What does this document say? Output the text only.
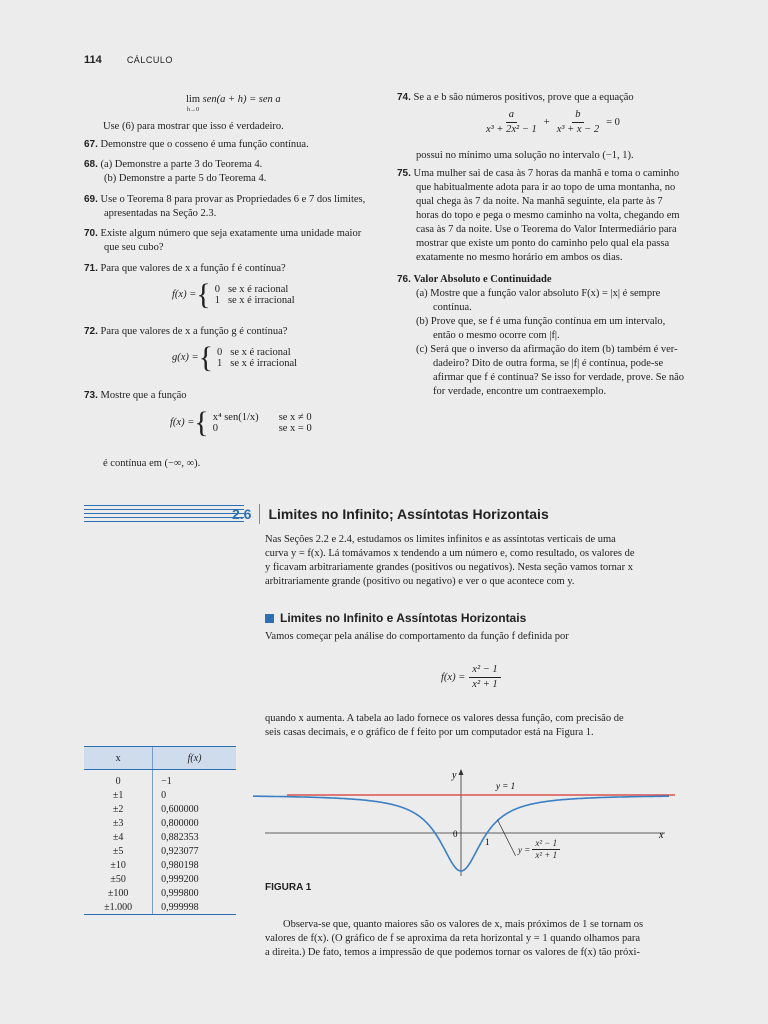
114	CÁLCULO
lim
h→0
sen(a + h) = sen a
Use (6) para mostrar que isso é verdadeiro.
67. Demonstre que o cosseno é uma função contínua.
68. (a) Demonstre a parte 3 do Teorema 4.
(b) Demonstre a parte 5 do Teorema 4.
69. Use o Teorema 8 para provar as Propriedades 6 e 7 dos limites,
apresentadas na Seção 2.3.
70. Existe algum número que seja exatamente uma unidade maior
que seu cubo?
71. Para que valores de x a função f é contínua?
f(x) = { 0	se x é racional
1	se x é irracional
72. Para que valores de x a função g é contínua?
g(x) = { 0	se x é racional
1	se x é irracional
73. Mostre que a função
f(x) = { x⁴ sen(1/x)	se x ≠ 0
0	se x = 0
é contínua em (−∞, ∞).
74. Se a e b são números positivos, prove que a equação
$\frac{a}{\text{x³ + 2x² − 1}} + \frac{b}{\text{x³ + x − 2}} = 0$
possui no mínimo uma solução no intervalo (−1, 1).
75. Uma mulher sai de casa às 7 horas da manhã e toma o caminho
que habitualmente adota para ir ao topo de uma montanha, no
qual chega às 7 da noite. Na manhã seguinte, ela parte às 7
horas do topo e pega o mesmo caminho na volta, chegando em
casa às 7 da noite. Use o Teorema do Valor Intermediário para
mostrar que existe um ponto do caminho pelo qual ela passa
exatamente no mesmo horário em ambos os dias.
76. Valor Absoluto e Continuidade
(a) Mostre que a função valor absoluto F(x) = |x| é sempre
contínua.
(b) Prove que, se f é uma função contínua em um intervalo,
então o mesmo ocorre com |f|.
(c) Será que o inverso da afirmação do item (b) também é ver-
dadeiro? Dito de outra forma, se |f| é contínua, pode-se
afirmar que f é contínua? Se isso for verdade, prove. Se não
for verdade, encontre um contraexemplo.
2.6 Limites no Infinito; Assíntotas Horizontais
Nas Seções 2.2 e 2.4, estudamos os limites infinitos e as assíntotas verticais de uma
curva y = f(x). Lá tomávamos x tendendo a um número e, como resultado, os valores de
y ficavam arbitrariamente grandes (positivos ou negativos). Nesta seção vamos tornar x
arbitrariamente grande (positivo ou negativo) e ver o que acontece com y.
Limites no Infinito e Assíntotas Horizontais
Vamos começar pela análise do comportamento da função f definida por
$f(x) = \frac{\text{x² − 1}}{\text{x² + 1}}$
quando x aumenta. A tabela ao lado fornece os valores dessa função, com precisão de
seis casas decimais, e o gráfico de f feito por um computador está na Figura 1.
x	f(x)
0	−1
±1	0
±2	0,600000
±3	0,800000
±4	0,882353
±5	0,923077
±10	0,980198
±50	0,999200
±100	0,999800
±1.000	0,999998
y
x
y = 1
0
1
FIGURA 1
$y = \frac{\text{x² − 1}}{\text{x² + 1}}$
Observa-se que, quanto maiores são os valores de x, mais próximos de 1 se tornam os
valores de f(x). (O gráfico de f se aproxima da reta horizontal y = 1 quando olhamos para
a direita.) De fato, temos a impressão de que podemos tornar os valores de f(x) tão próxi-
